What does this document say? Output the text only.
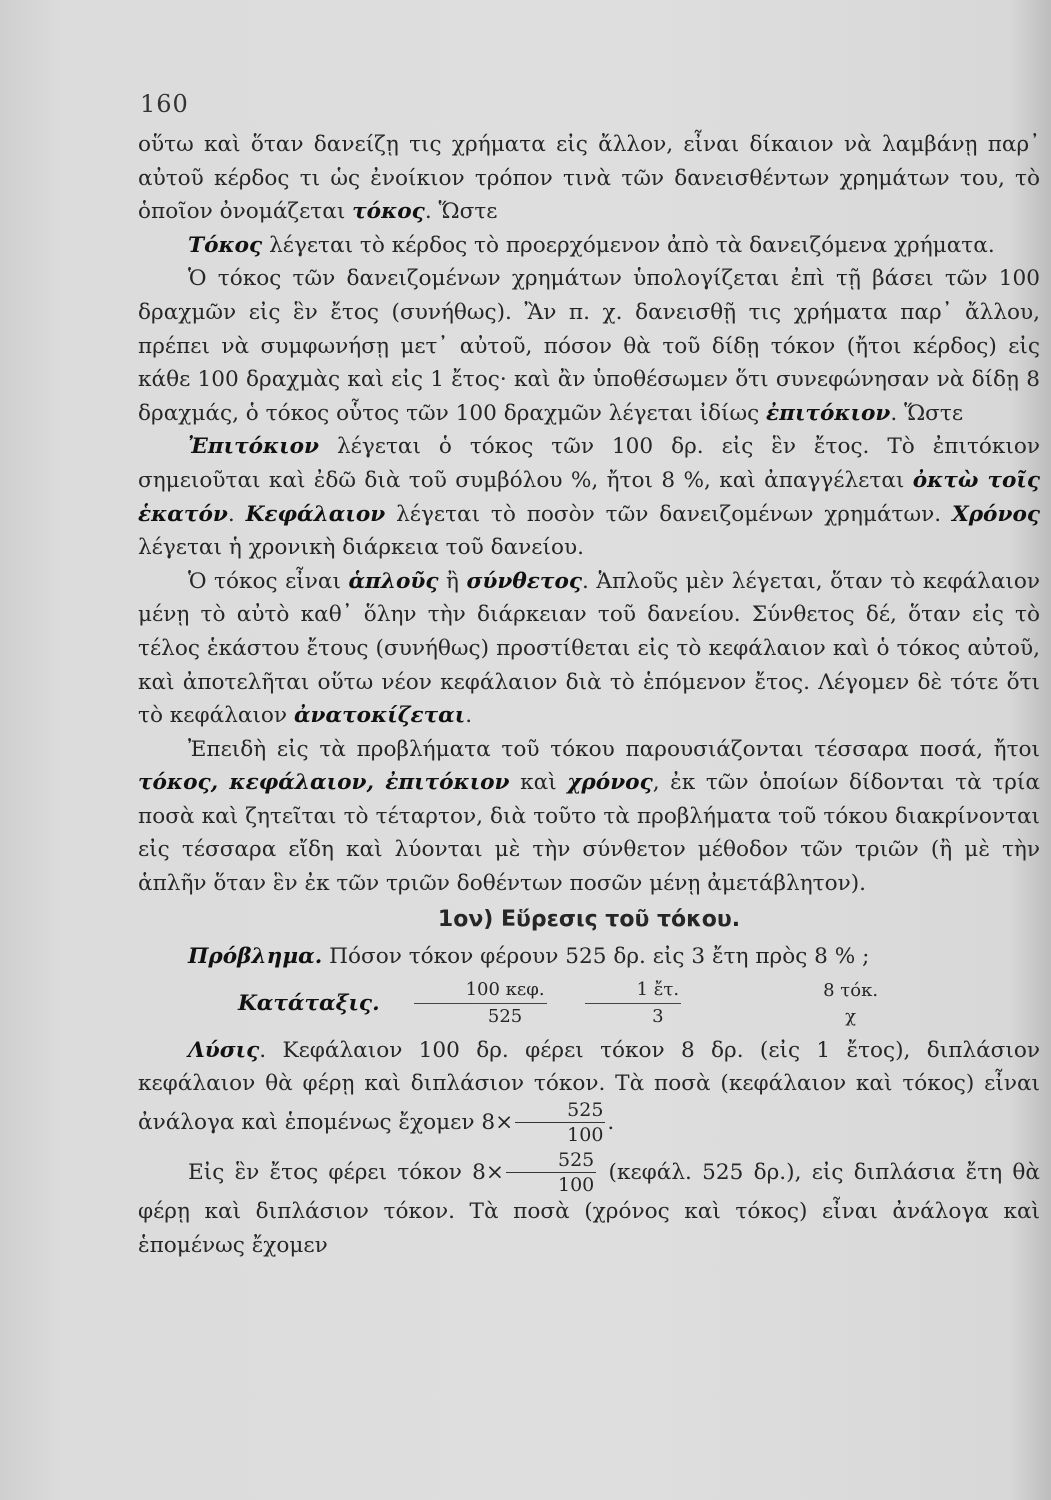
160

οὕτω καὶ ὅταν δανείζῃ τις χρήματα εἰς ἄλλον, εἶναι δίκαιον νὰ λαμβάνῃ παρ᾽ αὐτοῦ κέρδος τι ὡς ἐνοίκιον τρόπον τινὰ τῶν δανεισθέντων χρημάτων του, τὸ ὁποῖον ὀνομάζεται τόκος. Ὥστε

Τόκος λέγεται τὸ κέρδος τὸ προερχόμενον ἀπὸ τὰ δανειζόμενα χρήματα.

Ὁ τόκος τῶν δανειζομένων χρημάτων ὑπολογίζεται ἐπὶ τῇ βάσει τῶν 100 δραχμῶν εἰς ἓν ἔτος (συνήθως). Ἂν π. χ. δανεισθῇ τις χρήματα παρ᾽ ἄλλου, πρέπει νὰ συμφωνήσῃ μετ᾽ αὐτοῦ, πόσον θὰ τοῦ δίδῃ τόκον (ἤτοι κέρδος) εἰς κάθε 100 δραχμὰς καὶ εἰς 1 ἔτος· καὶ ἂν ὑποθέσωμεν ὅτι συνεφώνησαν νὰ δίδῃ 8 δραχμάς, ὁ τόκος οὗτος τῶν 100 δραχμῶν λέγεται ἰδίως ἐπιτόκιον. Ὥστε

Ἐπιτόκιον λέγεται ὁ τόκος τῶν 100 δρ. εἰς ἓν ἔτος. Τὸ ἐπιτόκιον σημειοῦται καὶ ἐδῶ διὰ τοῦ συμβόλου %, ἤτοι 8 %, καὶ ἀπαγγέλεται ὀκτὼ τοῖς ἑκατόν. Κεφάλαιον λέγεται τὸ ποσὸν τῶν δανειζομένων χρημάτων. Χρόνος λέγεται ἡ χρονικὴ διάρκεια τοῦ δανείου.

Ὁ τόκος εἶναι ἁπλοῦς ἢ σύνθετος. Ἁπλοῦς μὲν λέγεται, ὅταν τὸ κεφάλαιον μένῃ τὸ αὐτὸ καθ᾽ ὅλην τὴν διάρκειαν τοῦ δανείου. Σύνθετος δέ, ὅταν εἰς τὸ τέλος ἑκάστου ἔτους (συνήθως) προστίθεται εἰς τὸ κεφάλαιον καὶ ὁ τόκος αὐτοῦ, καὶ ἀποτελῆται οὕτω νέον κεφάλαιον διὰ τὸ ἑπόμενον ἔτος. Λέγομεν δὲ τότε ὅτι τὸ κεφάλαιον ἀνατοκίζεται.

Ἐπειδὴ εἰς τὰ προβλήματα τοῦ τόκου παρουσιάζονται τέσσαρα ποσά, ἤτοι τόκος, κεφάλαιον, ἐπιτόκιον καὶ χρόνος, ἐκ τῶν ὁποίων δίδονται τὰ τρία ποσὰ καὶ ζητεῖται τὸ τέταρτον, διὰ τοῦτο τὰ προβλήματα τοῦ τόκου διακρίνονται εἰς τέσσαρα εἴδη καὶ λύονται μὲ τὴν σύνθετον μέθοδον τῶν τριῶν (ἢ μὲ τὴν ἁπλῆν ὅταν ἓν ἐκ τῶν τριῶν δοθέντων ποσῶν μένῃ ἀμετάβλητον).

1ον) Εὕρεσις τοῦ τόκου.

Πρόβλημα. Πόσον τόκον φέρουν 525 δρ. εἰς 3 ἔτη πρὸς 8 % ;

Κατάταξις.
100 κεφ.
525
1 ἔτ.
3
8 τόκ.
χ

Λύσις. Κεφάλαιον 100 δρ. φέρει τόκον 8 δρ. (εἰς 1 ἔτος), διπλάσιον κεφάλαιον θὰ φέρῃ καὶ διπλάσιον τόκον. Τὰ ποσὰ (κεφάλαιον καὶ τόκος) εἶναι ἀνάλογα καὶ ἑπομένως ἔχομεν $8\times \frac{525}{100}$ .

Εἰς ἓν ἔτος φέρει τόκον $8\times \frac{525}{100} (\kappa\varepsilon\varphi ά\lambda$. 525 δρ.), εἰς διπλάσια ἔτη θὰ φέρῃ καὶ διπλάσιον τόκον. Τὰ ποσὰ (χρόνος καὶ τόκος) εἶναι ἀνάλογα καὶ ἑπομένως ἔχομεν
